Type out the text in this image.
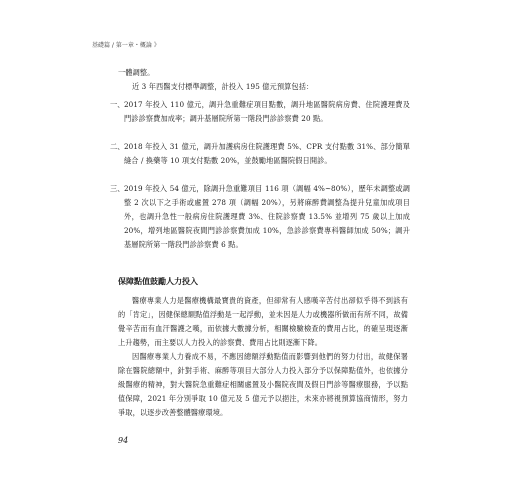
基礎篇 / 第一章・概論 》
一體調整。
近 3 年西醫支付標準調整，計投入 195 億元預算包括：
一、 2017 年投入 110 億元，調升急重難症項目點數，調升地區醫院病房費、住院護理費及門診診察費加成率；調升基層院所第一階段門診診察費 20 點。
二、 2018 年投入 31 億元，調升加護病房住院護理費 5%、CPR 支付點數 31%、部分簡單縫合 / 換藥等 10 項支付點數 20%，並鼓勵地區醫院假日開診。
三、 2019 年投入 54 億元，除調升急重難項目 116 項（調幅 4%~80%），歷年未調整或調整 2 次以下之手術或處置 278 項（調幅 20%），另將麻醉費調整為提升兒童加成項目外，也調升急性一般病房住院護理費 3%、住院診察費 13.5% 並增列 75 歲以上加成 20%，增列地區醫院夜間門診診察費加成 10%，急診診察費專科醫師加成 50%；調升基層院所第一階段門診診察費 6 點。
保障點值鼓勵人力投入
醫療專業人力是醫療機構最寶貴的資產，但卻常有人感嘆辛苦付出卻似乎得不到該有的「肯定」，因健保總額點值浮動是一起浮動，並未因是人力或機器所做而有所不同，故備覺辛苦而有血汗醫護之嘆，而依據大數據分析，相關檢驗檢查的費用占比，的確呈現逐漸上升趨勢，而主要以人力投入的診察費、費用占比則逐漸下降。
因醫療專業人力養成不易，不應因總額浮動點值而影響到他們的努力付出，故健保署除在醫院總額中，針對手術、麻醉等項目大部分人力投入部分予以保障點值外，也依據分級醫療的精神，對大醫院急重難症相關處置及小醫院夜間及假日門診等醫療服務，予以點值保障，2021 年分別爭取 10 億元及 5 億元予以挹注，未來亦將視預算協商情形，努力爭取，以逐步改善整體醫療環境。
94
